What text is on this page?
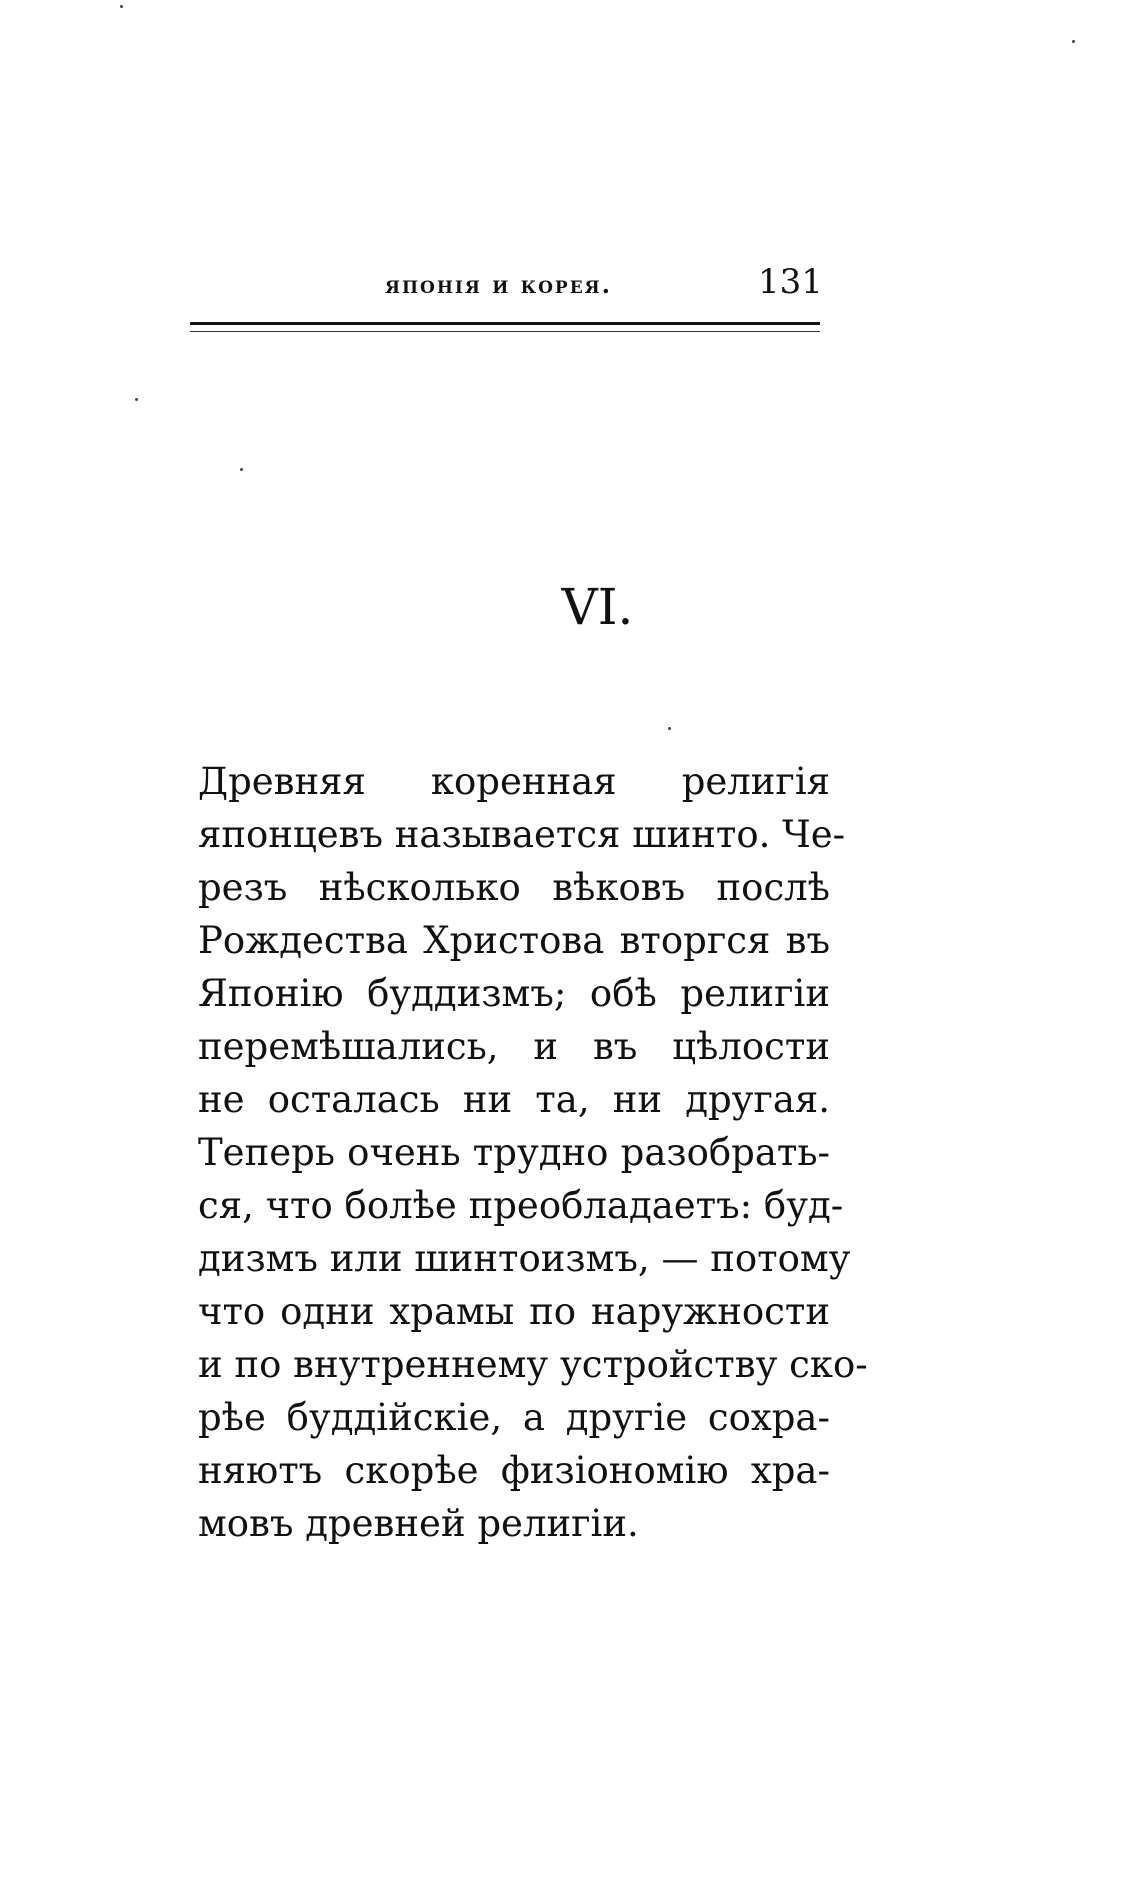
японія и корея.	131
VI.
Древняя коренная религія
японцевъ называется шинто. Че-
резъ нѣсколько вѣковъ послѣ
Рождества Христова вторгся въ
Японію буддизмъ; обѣ религіи
перемѣшались, и въ цѣлости
не осталась ни та, ни другая.
Теперь очень трудно разобрать-
ся, что болѣе преобладаетъ: буд-
дизмъ или шинтоизмъ, — потому
что одни храмы по наружности
и по внутреннему устройству ско-
рѣе буддійскіе, а другіе сохра-
няютъ скорѣе физіономію хра-
мовъ древней религіи.
